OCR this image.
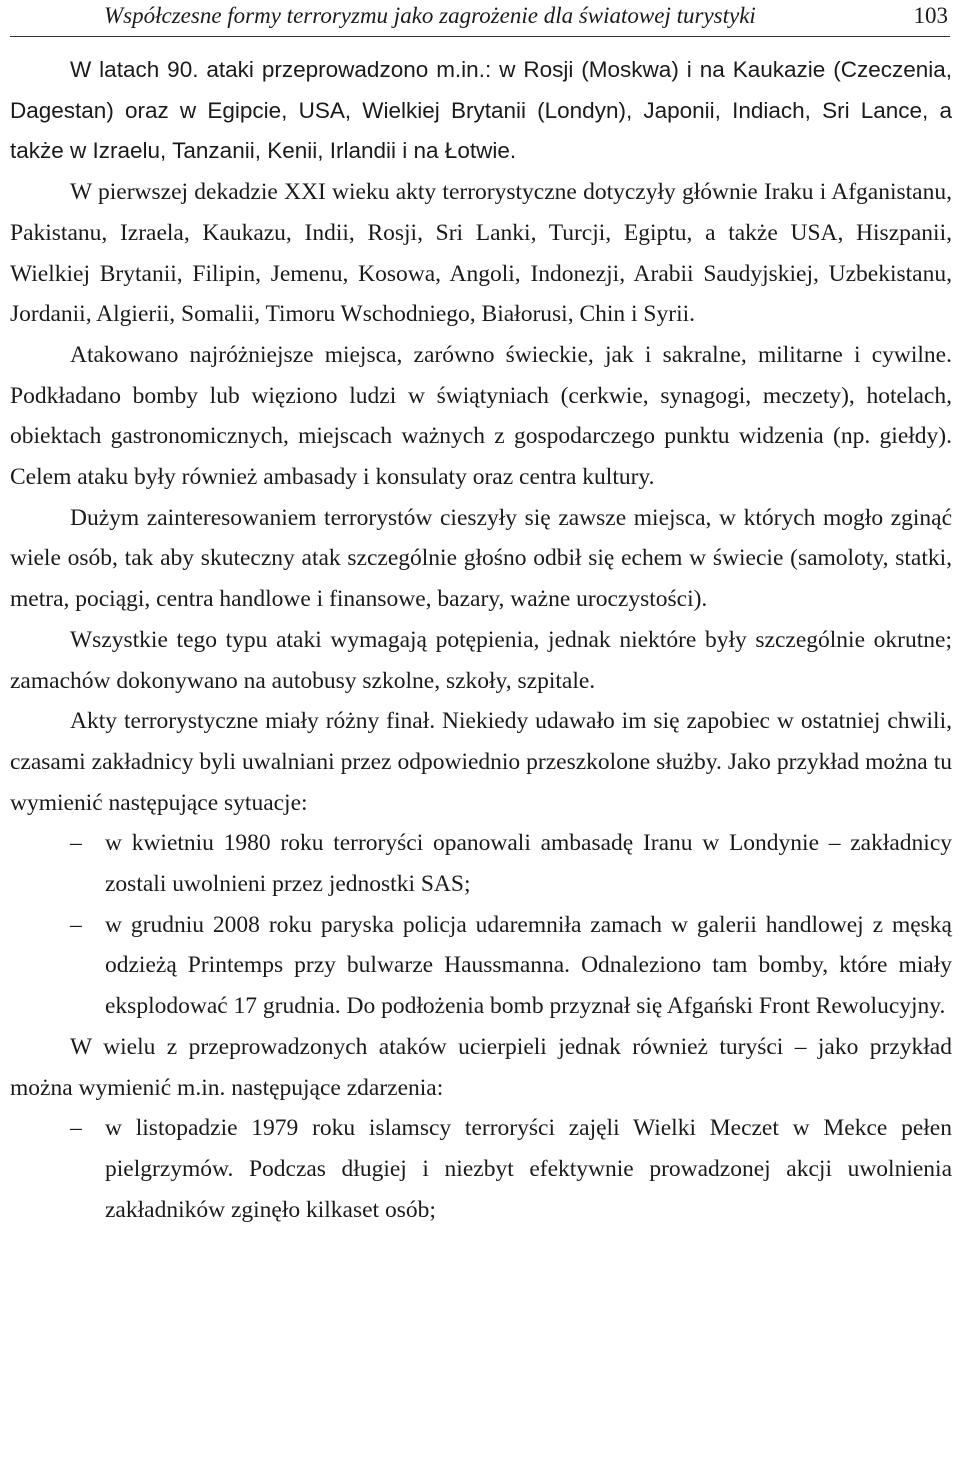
Współczesne formy terroryzmu jako zagrożenie dla światowej turystyki	103

W latach 90. ataki przeprowadzono m.in.: w Rosji (Moskwa) i na Kaukazie (Czeczenia, Dagestan) oraz w Egipcie, USA, Wielkiej Brytanii (Londyn), Japonii, Indiach, Sri Lance, a także w Izraelu, Tanzanii, Kenii, Irlandii i na Łotwie.

W pierwszej dekadzie XXI wieku akty terrorystyczne dotyczyły głównie Iraku i Afganistanu, Pakistanu, Izraela, Kaukazu, Indii, Rosji, Sri Lanki, Turcji, Egiptu, a także USA, Hiszpanii, Wielkiej Brytanii, Filipin, Jemenu, Kosowa, Angoli, Indonezji, Arabii Saudyjskiej, Uzbekistanu, Jordanii, Algierii, Somalii, Timoru Wschodniego, Białorusi, Chin i Syrii.

Atakowano najróżniejsze miejsca, zarówno świeckie, jak i sakralne, militarne i cywilne. Podkładano bomby lub więziono ludzi w świątyniach (cerkwie, synagogi, meczety), hotelach, obiektach gastronomicznych, miejscach ważnych z gospodarczego punktu widzenia (np. giełdy). Celem ataku były również ambasady i konsulaty oraz centra kultury.

Dużym zainteresowaniem terrorystów cieszyły się zawsze miejsca, w których mogło zginąć wiele osób, tak aby skuteczny atak szczególnie głośno odbił się echem w świecie (samoloty, statki, metra, pociągi, centra handlowe i finansowe, bazary, ważne uroczystości).

Wszystkie tego typu ataki wymagają potępienia, jednak niektóre były szczególnie okrutne; zamachów dokonywano na autobusy szkolne, szkoły, szpitale.

Akty terrorystyczne miały różny finał. Niekiedy udawało im się zapobiec w ostatniej chwili, czasami zakładnicy byli uwalniani przez odpowiednio przeszkolone służby. Jako przykład można tu wymienić następujące sytuacje:

– w kwietniu 1980 roku terroryści opanowali ambasadę Iranu w Londynie – zakładnicy zostali uwolnieni przez jednostki SAS;
– w grudniu 2008 roku paryska policja udaremniła zamach w galerii handlowej z męską odzieżą Printemps przy bulwarze Haussmanna. Odnaleziono tam bomby, które miały eksplodować 17 grudnia. Do podłożenia bomb przyznał się Afgański Front Rewolucyjny.

W wielu z przeprowadzonych ataków ucierpieli jednak również turyści – jako przykład można wymienić m.in. następujące zdarzenia:

– w listopadzie 1979 roku islamscy terroryści zajęli Wielki Meczet w Mekce pełen pielgrzymów. Podczas długiej i niezbyt efektywnie prowadzonej akcji uwolnienia zakładników zginęło kilkaset osób;
